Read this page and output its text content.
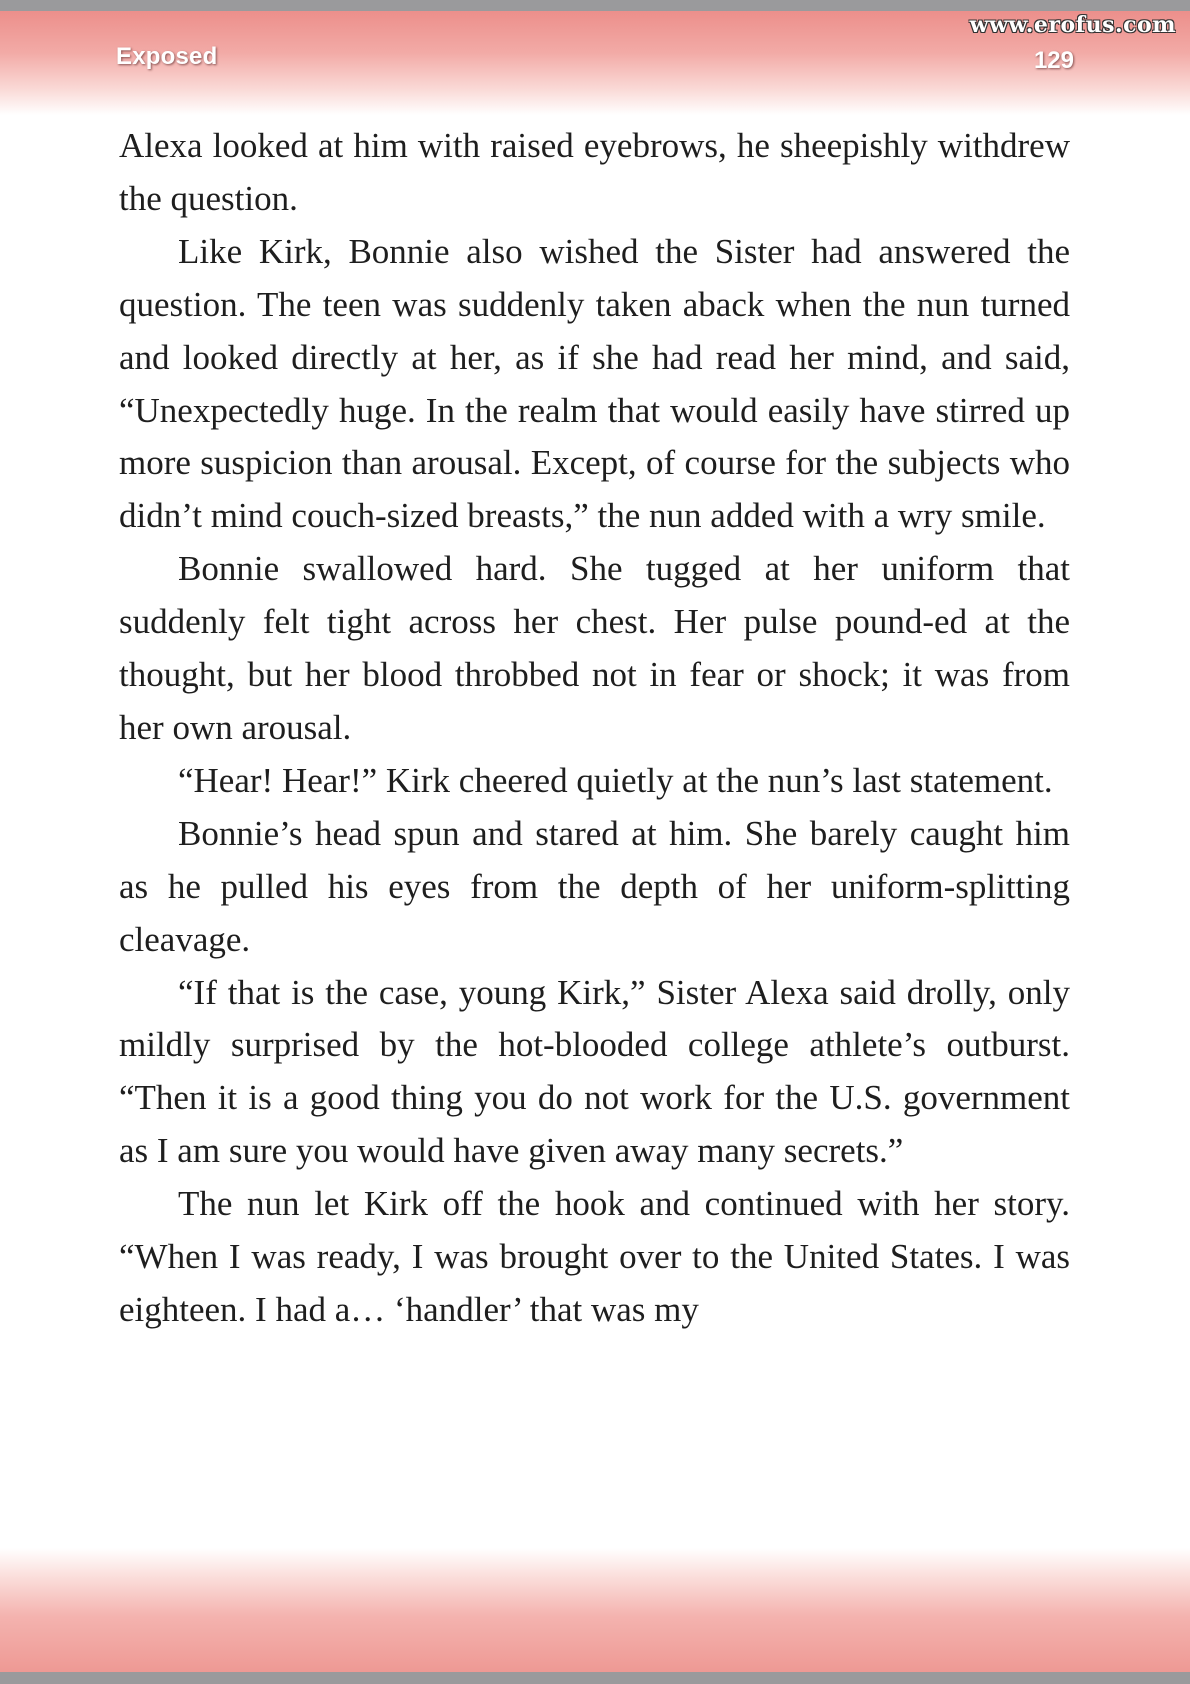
Exposed	129
www.erofus.com

Alexa looked at him with raised eyebrows, he sheepishly withdrew the question.

Like Kirk, Bonnie also wished the Sister had answered the question. The teen was suddenly taken aback when the nun turned and looked directly at her, as if she had read her mind, and said, “Unexpectedly huge. In the realm that would easily have stirred up more suspicion than arousal. Except, of course for the subjects who didn’t mind couch-sized breasts,” the nun added with a wry smile.

Bonnie swallowed hard. She tugged at her uniform that suddenly felt tight across her chest. Her pulse pound-ed at the thought, but her blood throbbed not in fear or shock; it was from her own arousal.

“Hear! Hear!” Kirk cheered quietly at the nun’s last statement.

Bonnie’s head spun and stared at him. She barely caught him as he pulled his eyes from the depth of her uniform-splitting cleavage.

“If that is the case, young Kirk,” Sister Alexa said drolly, only mildly surprised by the hot-blooded college athlete’s outburst. “Then it is a good thing you do not work for the U.S. government as I am sure you would have given away many secrets.”

The nun let Kirk off the hook and continued with her story. “When I was ready, I was brought over to the United States. I was eighteen. I had a… ‘handler’ that was my
